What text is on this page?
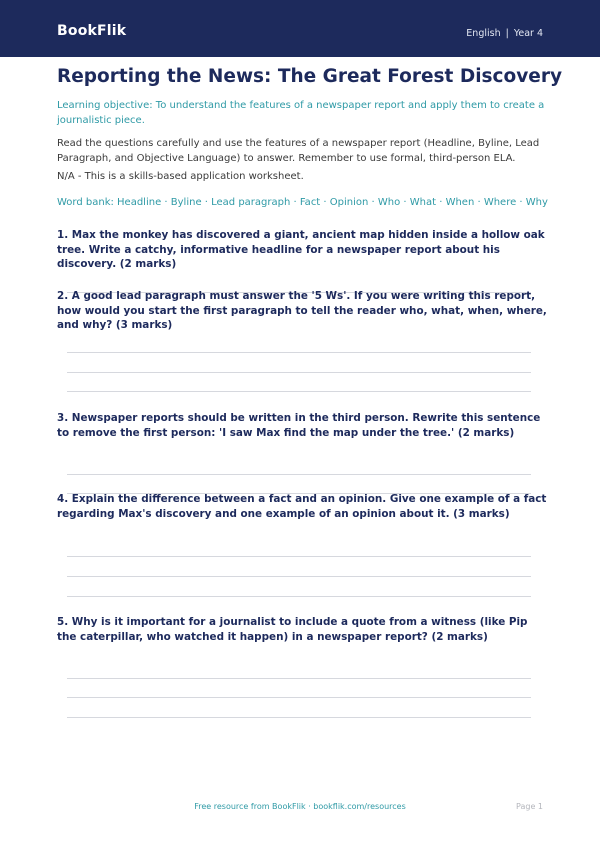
BookFlik	English | Year 4
Reporting the News: The Great Forest Discovery
Learning objective: To understand the features of a newspaper report and apply them to create a journalistic piece.
Read the questions carefully and use the features of a newspaper report (Headline, Byline, Lead Paragraph, and Objective Language) to answer. Remember to use formal, third-person ELA.
N/A - This is a skills-based application worksheet.
Word bank: Headline · Byline · Lead paragraph · Fact · Opinion · Who · What · When · Where · Why
1. Max the monkey has discovered a giant, ancient map hidden inside a hollow oak tree. Write a catchy, informative headline for a newspaper report about his discovery. (2 marks)
2. A good lead paragraph must answer the '5 Ws'. If you were writing this report, how would you start the first paragraph to tell the reader who, what, when, where, and why? (3 marks)
3. Newspaper reports should be written in the third person. Rewrite this sentence to remove the first person: 'I saw Max find the map under the tree.' (2 marks)
4. Explain the difference between a fact and an opinion. Give one example of a fact regarding Max's discovery and one example of an opinion about it. (3 marks)
5. Why is it important for a journalist to include a quote from a witness (like Pip the caterpillar, who watched it happen) in a newspaper report? (2 marks)
Free resource from BookFlik · bookflik.com/resources	Page 1
